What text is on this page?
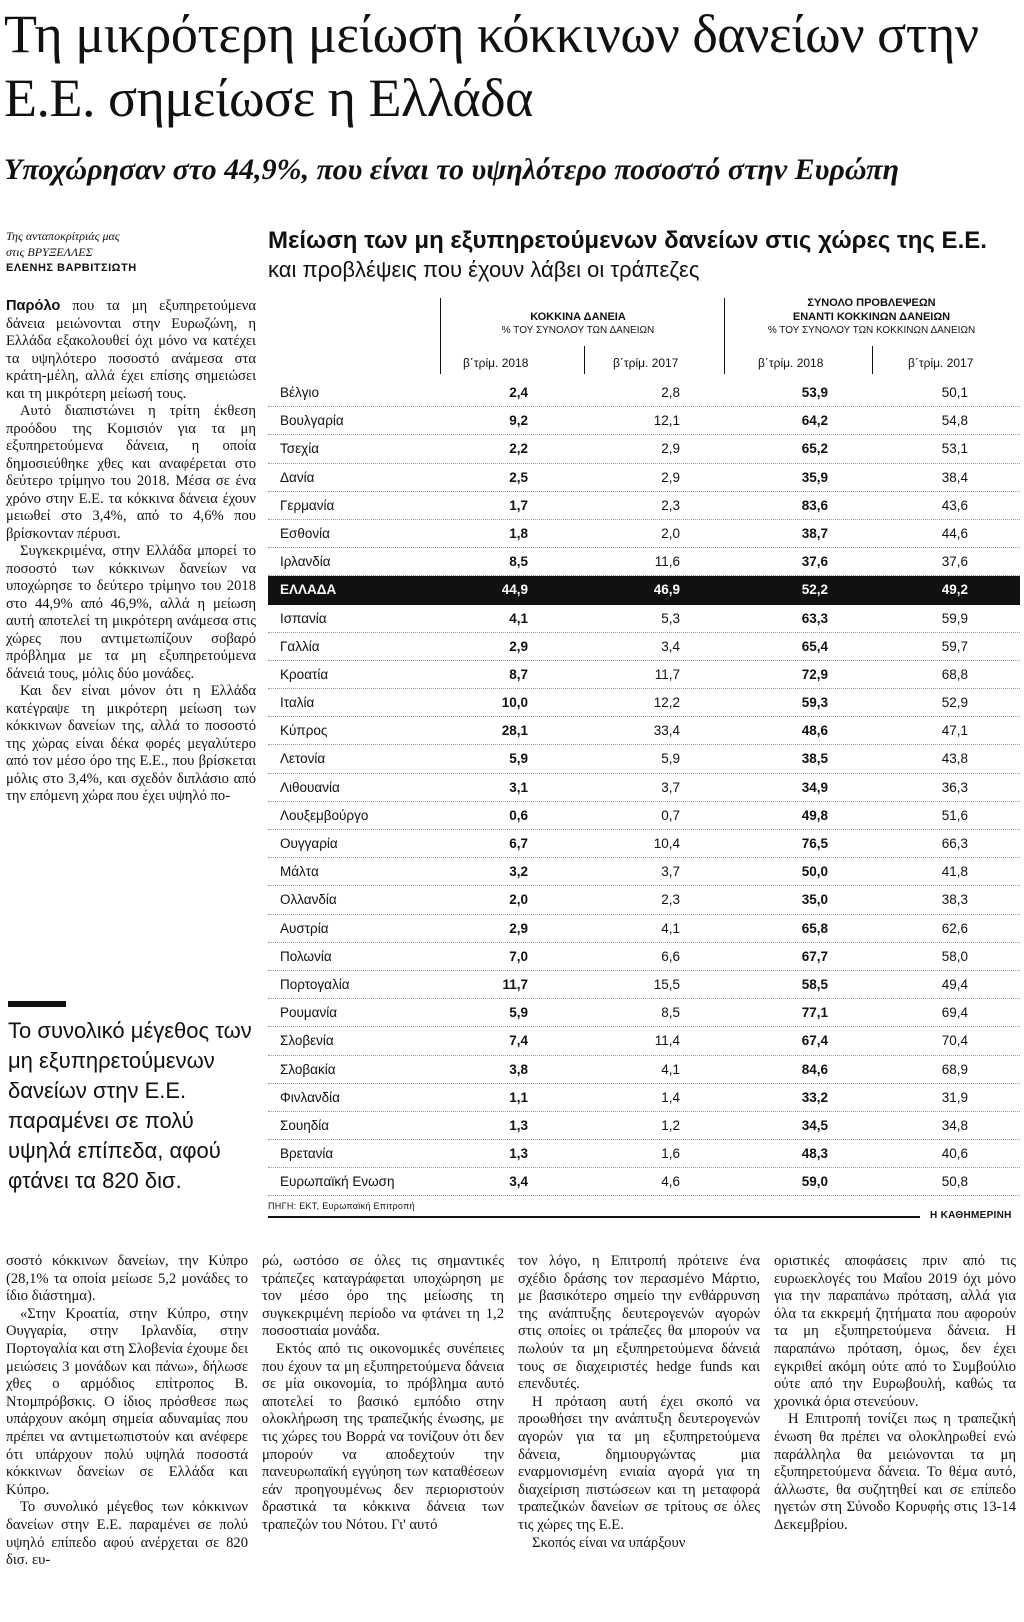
Τη μικρότερη μείωση κόκκινων δανείων στην Ε.Ε. σημείωσε η Ελλάδα
Υποχώρησαν στο 44,9%, που είναι το υψηλότερο ποσοστό στην Ευρώπη
Της ανταποκρίτριάς μας
στις ΒΡΥΞΕΛΛΕΣ
ΕΛΕΝΗΣ ΒΑΡΒΙΤΣΙΩΤΗ

Παρόλο που τα μη εξυπηρετούμενα δάνεια μειώνονται στην Ευρωζώνη, η Ελλάδα εξακολουθεί όχι μόνο να κατέχει τα υψηλότερο ποσοστό ανάμεσα στα κράτη-μέλη, αλλά έχει επίσης σημειώσει και τη μικρότερη μείωσή τους.

Αυτό διαπιστώνει η τρίτη έκθεση προόδου της Κομισιόν για τα μη εξυπηρετούμενα δάνεια, η οποία δημοσιεύθηκε χθες και αναφέρεται στο δεύτερο τρίμηνο του 2018. Μέσα σε ένα χρόνο στην Ε.Ε. τα κόκκινα δάνεια έχουν μειωθεί στο 3,4%, από το 4,6% που βρίσκονταν πέρυσι.

Συγκεκριμένα, στην Ελλάδα μπορεί το ποσοστό των κόκκινων δανείων να υποχώρησε το δεύτερο τρίμηνο του 2018 στο 44,9% από 46,9%, αλλά η μείωση αυτή αποτελεί τη μικρότερη ανάμεσα στις χώρες που αντιμετωπίζουν σοβαρό πρόβλημα με τα μη εξυπηρετούμενα δάνειά τους, μόλις δύο μονάδες.

Και δεν είναι μόνον ότι η Ελλάδα κατέγραψε τη μικρότερη μείωση των κόκκινων δανείων της, αλλά το ποσοστό της χώρας είναι δέκα φορές μεγαλύτερο από τον μέσο όρο της Ε.Ε., που βρίσκεται μόλις στο 3,4%, και σχεδόν διπλάσιο από την επόμενη χώρα που έχει υψηλό πο-

Το συνολικό μέγεθος των μη εξυπηρετούμενων δανείων στην Ε.Ε. παραμένει σε πολύ υψηλά επίπεδα, αφού φτάνει τα 820 δισ.
Μείωση των μη εξυπηρετούμενων δανείων στις χώρες της Ε.Ε.
και προβλέψεις που έχουν λάβει οι τράπεζες
ΚΟΚΚΙΝΑ ΔΑΝΕΙΑ
% ΤΟΥ ΣΥΝΟΛΟΥ ΤΩΝ ΔΑΝΕΙΩΝ
ΣΥΝΟΛΟ ΠΡΟΒΛΕΨΕΩΝ
ΕΝΑΝΤΙ ΚΟΚΚΙΝΩΝ ΔΑΝΕΙΩΝ
% ΤΟΥ ΣΥΝΟΛΟΥ ΤΩΝ ΚΟΚΚΙΝΩΝ ΔΑΝΕΙΩΝ
β΄τρίμ. 2018	β΄τρίμ. 2017	β΄τρίμ. 2018	β΄τρίμ. 2017
Βέλγιο	2,4	2,8	53,9	50,1
Βουλγαρία	9,2	12,1	64,2	54,8
Τσεχία	2,2	2,9	65,2	53,1
Δανία	2,5	2,9	35,9	38,4
Γερμανία	1,7	2,3	83,6	43,6
Εσθονία	1,8	2,0	38,7	44,6
Ιρλανδία	8,5	11,6	37,6	37,6
ΕΛΛΑΔΑ	44,9	46,9	52,2	49,2
Ισπανία	4,1	5,3	63,3	59,9
Γαλλία	2,9	3,4	65,4	59,7
Κροατία	8,7	11,7	72,9	68,8
Ιταλία	10,0	12,2	59,3	52,9
Κύπρος	28,1	33,4	48,6	47,1
Λετονία	5,9	5,9	38,5	43,8
Λιθουανία	3,1	3,7	34,9	36,3
Λουξεμβούργο	0,6	0,7	49,8	51,6
Ουγγαρία	6,7	10,4	76,5	66,3
Μάλτα	3,2	3,7	50,0	41,8
Ολλανδία	2,0	2,3	35,0	38,3
Αυστρία	2,9	4,1	65,8	62,6
Πολωνία	7,0	6,6	67,7	58,0
Πορτογαλία	11,7	15,5	58,5	49,4
Ρουμανία	5,9	8,5	77,1	69,4
Σλοβενία	7,4	11,4	67,4	70,4
Σλοβακία	3,8	4,1	84,6	68,9
Φινλανδία	1,1	1,4	33,2	31,9
Σουηδία	1,3	1,2	34,5	34,8
Βρετανία	1,3	1,6	48,3	40,6
Ευρωπαϊκή Ενωση	3,4	4,6	59,0	50,8
ΠΗΓΗ: ΕΚΤ, Ευρωπαϊκή Επιτροπή
Η ΚΑΘΗΜΕΡΙΝΗ

σοστό κόκκινων δανείων, την Κύπρο (28,1% τα οποία μείωσε 5,2 μονάδες το ίδιο διάστημα).

«Στην Κροατία, στην Κύπρο, στην Ουγγαρία, στην Ιρλανδία, στην Πορτογαλία και στη Σλοβενία έχουμε δει μειώσεις 3 μονάδων και πάνω», δήλωσε χθες ο αρμόδιος επίτροπος Β. Ντομπρόβσκις. Ο ίδιος πρόσθεσε πως υπάρχουν ακόμη σημεία αδυναμίας που πρέπει να αντιμετωπιστούν και ανέφερε ότι υπάρχουν πολύ υψηλά ποσοστά κόκκινων δανείων σε Ελλάδα και Κύπρο.

Το συνολικό μέγεθος των κόκκινων δανείων στην Ε.Ε. παραμένει σε πολύ υψηλό επίπεδο αφού ανέρχεται σε 820 δισ. ευ-

ρώ, ωστόσο σε όλες τις σημαντικές τράπεζες καταγράφεται υποχώρηση με τον μέσο όρο της μείωσης τη συγκεκριμένη περίοδο να φτάνει τη 1,2 ποσοστιαία μονάδα.

Εκτός από τις οικονομικές συνέπειες που έχουν τα μη εξυπηρετούμενα δάνεια σε μία οικονομία, το πρόβλημα αυτό αποτελεί το βασικό εμπόδιο στην ολοκλήρωση της τραπεζικής ένωσης, με τις χώρες του Βορρά να τονίζουν ότι δεν μπορούν να αποδεχτούν την πανευρωπαϊκή εγγύηση των καταθέσεων εάν προηγουμένως δεν περιοριστούν δραστικά τα κόκκινα δάνεια των τραπεζών του Νότου. Γι' αυτό

τον λόγο, η Επιτροπή πρότεινε ένα σχέδιο δράσης τον περασμένο Μάρτιο, με βασικότερο σημείο την ενθάρρυνση της ανάπτυξης δευτερογενών αγορών στις οποίες οι τράπεζες θα μπορούν να πωλούν τα μη εξυπηρετούμενα δάνειά τους σε διαχειριστές hedge funds και επενδυτές.

Η πρόταση αυτή έχει σκοπό να προωθήσει την ανάπτυξη δευτερογενών αγορών για τα μη εξυπηρετούμενα δάνεια, δημιουργώντας μια εναρμονισμένη ενιαία αγορά για τη διαχείριση πιστώσεων και τη μεταφορά τραπεζικών δανείων σε τρίτους σε όλες τις χώρες της Ε.Ε.

Σκοπός είναι να υπάρξουν

οριστικές αποφάσεις πριν από τις ευρωεκλογές του Μαΐου 2019 όχι μόνο για την παραπάνω πρόταση, αλλά για όλα τα εκκρεμή ζητήματα που αφορούν τα μη εξυπηρετούμενα δάνεια. Η παραπάνω πρόταση, όμως, δεν έχει εγκριθεί ακόμη ούτε από το Συμβούλιο ούτε από την Ευρωβουλή, καθώς τα χρονικά όρια στενεύουν.

Η Επιτροπή τονίζει πως η τραπεζική ένωση θα πρέπει να ολοκληρωθεί ενώ παράλληλα θα μειώνονται τα μη εξυπηρετούμενα δάνεια. Το θέμα αυτό, άλλωστε, θα συζητηθεί και σε επίπεδο ηγετών στη Σύνοδο Κορυφής στις 13-14 Δεκεμβρίου.
